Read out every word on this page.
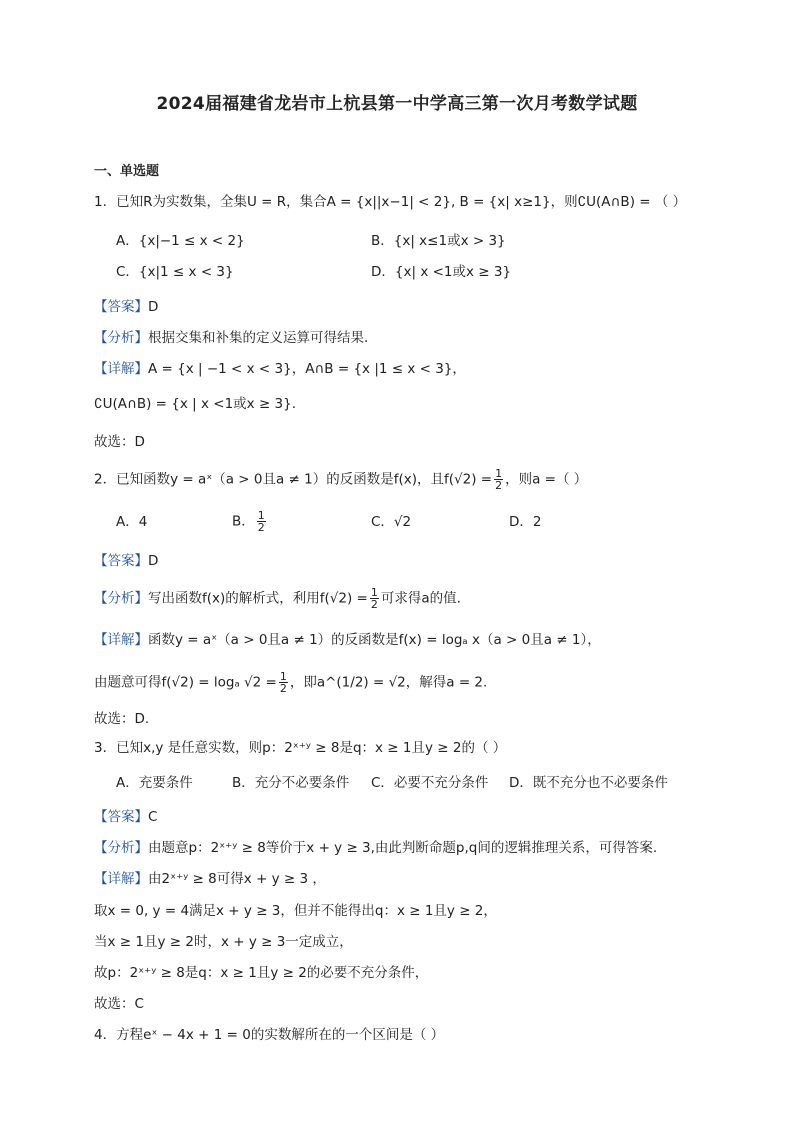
2024届福建省龙岩市上杭县第一中学高三第一次月考数学试题
一、单选题
1．已知R为实数集，全集U = R，集合A = {x||x−1| < 2}, B = {x| x≥1}，则∁U(A∩B) = （ ）
A．{x|−1 ≤ x < 2}	B．{x| x≤1或x > 3}
C．{x|1 ≤ x < 3}	D．{x| x <1或x ≥ 3}
【答案】D
【分析】根据交集和补集的定义运算可得结果.
【详解】A = {x | −1 < x < 3}，A∩B = {x |1 ≤ x < 3}，
∁U(A∩B) = {x | x <1或x ≥ 3}.
故选：D
2．已知函数y = aˣ（a > 0且a ≠ 1）的反函数是f(x)，且$f(√2) = \frac{1}{2}$ ，则a =（ ）
A．4	B． $\frac{1}{2}$	C．√2	D．2
【答案】D
【分析】写出函数f(x)的解析式，利用$f(√2) = \frac{1}{2}$ 可求得a的值.
【详解】函数y = aˣ（a > 0且a ≠ 1）的反函数是f(x) = logₐ x（a > 0且a ≠ 1），
由题意可得f(√2) = logₐ $√2 = \frac{1}{2}$ ，即a^(1/2) = √2，解得a = 2.
故选：D.
3．已知x,y 是任意实数，则p：2ˣ⁺ʸ ≥ 8是q：x ≥ 1且y ≥ 2的（ ）
A．充要条件	B．充分不必要条件 C．必要不充分条件 D．既不充分也不必要条件
【答案】C
【分析】由题意p：2ˣ⁺ʸ ≥ 8等价于x + y ≥ 3,由此判断命题p,q间的逻辑推理关系，可得答案.
【详解】由2ˣ⁺ʸ ≥ 8可得x + y ≥ 3 ，
取x = 0, y = 4满足x + y ≥ 3，但并不能得出q：x ≥ 1且y ≥ 2，
当x ≥ 1且y ≥ 2时，x + y ≥ 3一定成立，
故p：2ˣ⁺ʸ ≥ 8是q：x ≥ 1且y ≥ 2的必要不充分条件，
故选：C
4．方程eˣ − 4x + 1 = 0的实数解所在的一个区间是（ ）
